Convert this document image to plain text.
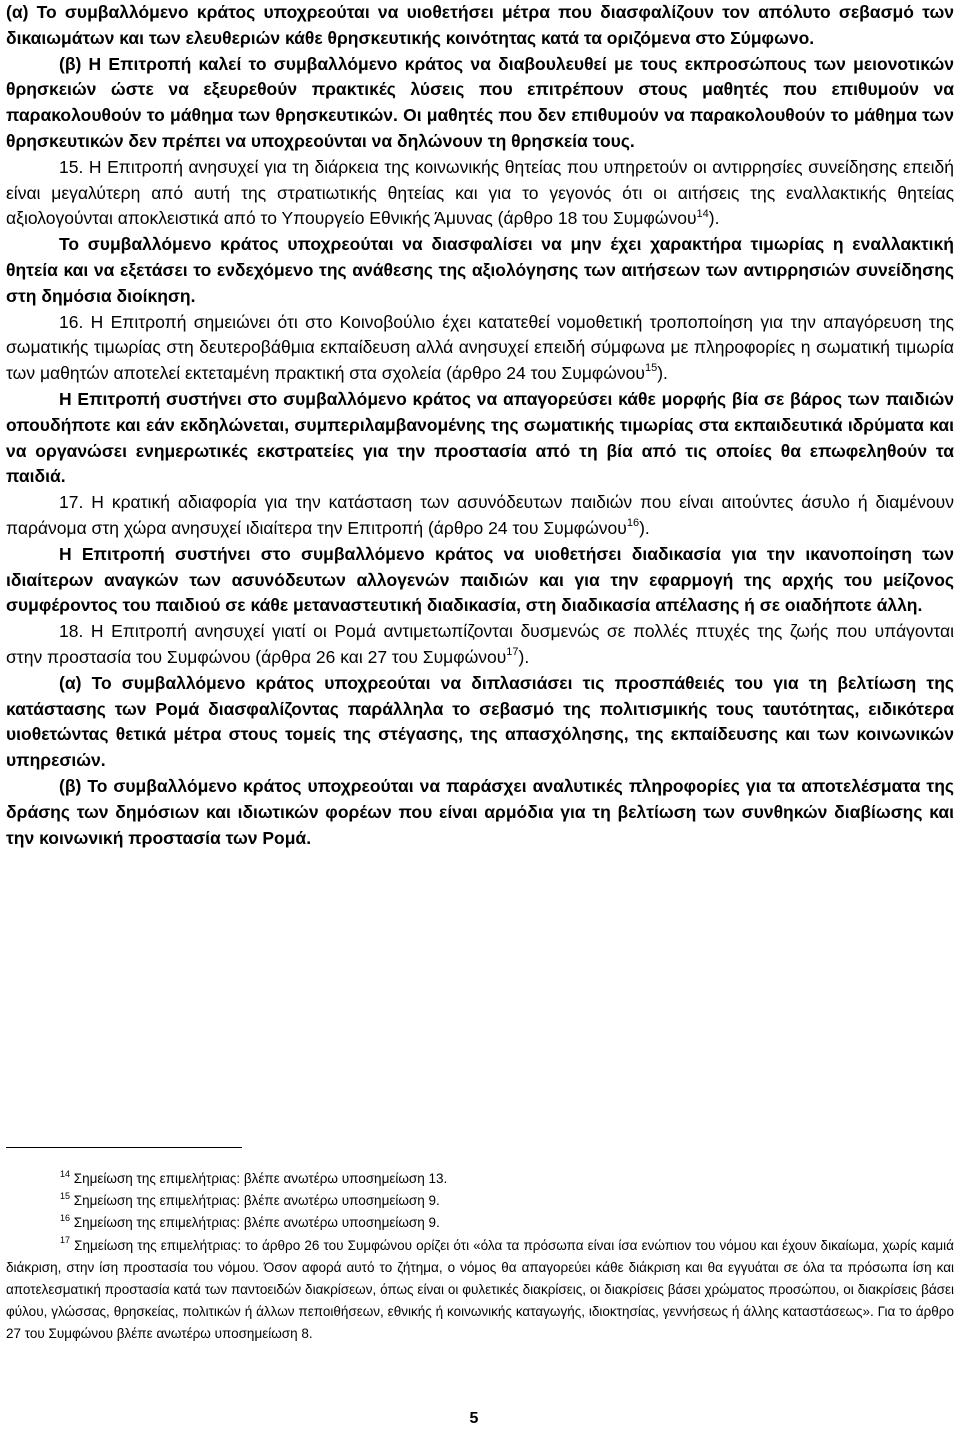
(α) Το συμβαλλόμενο κράτος υποχρεούται να υιοθετήσει μέτρα που διασφαλίζουν τον απόλυτο σεβασμό των δικαιωμάτων και των ελευθεριών κάθε θρησκευτικής κοινότητας κατά τα οριζόμενα στο Σύμφωνο.

(β) Η Επιτροπή καλεί το συμβαλλόμενο κράτος να διαβουλευθεί με τους εκπροσώπους των μειονοτικών θρησκειών ώστε να εξευρεθούν πρακτικές λύσεις που επιτρέπουν στους μαθητές που επιθυμούν να παρακολουθούν το μάθημα των θρησκευτικών. Οι μαθητές που δεν επιθυμούν να παρακολουθούν το μάθημα των θρησκευτικών δεν πρέπει να υποχρεούνται να δηλώνουν τη θρησκεία τους.

15. Η Επιτροπή ανησυχεί για τη διάρκεια της κοινωνικής θητείας που υπηρετούν οι αντιρρησίες συνείδησης επειδή είναι μεγαλύτερη από αυτή της στρατιωτικής θητείας και για το γεγονός ότι οι αιτήσεις της εναλλακτικής θητείας αξιολογούνται αποκλειστικά από το Υπουργείο Εθνικής Άμυνας (άρθρο 18 του Συμφώνου$^{14}$).

Το συμβαλλόμενο κράτος υποχρεούται να διασφαλίσει να μην έχει χαρακτήρα τιμωρίας η εναλλακτική θητεία και να εξετάσει το ενδεχόμενο της ανάθεσης της αξιολόγησης των αιτήσεων των αντιρρησιών συνείδησης στη δημόσια διοίκηση.

16. Η Επιτροπή σημειώνει ότι στο Κοινοβούλιο έχει κατατεθεί νομοθετική τροποποίηση για την απαγόρευση της σωματικής τιμωρίας στη δευτεροβάθμια εκπαίδευση αλλά ανησυχεί επειδή σύμφωνα με πληροφορίες η σωματική τιμωρία των μαθητών αποτελεί εκτεταμένη πρακτική στα σχολεία (άρθρο 24 του Συμφώνου$^{15}$).

Η Επιτροπή συστήνει στο συμβαλλόμενο κράτος να απαγορεύσει κάθε μορφής βία σε βάρος των παιδιών οπουδήποτε και εάν εκδηλώνεται, συμπεριλαμβανομένης της σωματικής τιμωρίας στα εκπαιδευτικά ιδρύματα και να οργανώσει ενημερωτικές εκστρατείες για την προστασία από τη βία από τις οποίες θα επωφεληθούν τα παιδιά.

17. Η κρατική αδιαφορία για την κατάσταση των ασυνόδευτων παιδιών που είναι αιτούντες άσυλο ή διαμένουν παράνομα στη χώρα ανησυχεί ιδιαίτερα την Επιτροπή (άρθρο 24 του Συμφώνου$^{16}$).

Η Επιτροπή συστήνει στο συμβαλλόμενο κράτος να υιοθετήσει διαδικασία για την ικανοποίηση των ιδιαίτερων αναγκών των ασυνόδευτων αλλογενών παιδιών και για την εφαρμογή της αρχής του μείζονος συμφέροντος του παιδιού σε κάθε μεταναστευτική διαδικασία, στη διαδικασία απέλασης ή σε οιαδήποτε άλλη.

18. Η Επιτροπή ανησυχεί γιατί οι Ρομά αντιμετωπίζονται δυσμενώς σε πολλές πτυχές της ζωής που υπάγονται στην προστασία του Συμφώνου (άρθρα 26 και 27 του Συμφώνου$^{17}$).

(α) Το συμβαλλόμενο κράτος υποχρεούται να διπλασιάσει τις προσπάθειές του για τη βελτίωση της κατάστασης των Ρομά διασφαλίζοντας παράλληλα το σεβασμό της πολιτισμικής τους ταυτότητας, ειδικότερα υιοθετώντας θετικά μέτρα στους τομείς της στέγασης, της απασχόλησης, της εκπαίδευσης και των κοινωνικών υπηρεσιών.

(β) Το συμβαλλόμενο κράτος υποχρεούται να παράσχει αναλυτικές πληροφορίες για τα αποτελέσματα της δράσης των δημόσιων και ιδιωτικών φορέων που είναι αρμόδια για τη βελτίωση των συνθηκών διαβίωσης και την κοινωνική προστασία των Ρομά.

$^{14}$ Σημείωση της επιμελήτριας: βλέπε ανωτέρω υποσημείωση 13.

$^{15}$ Σημείωση της επιμελήτριας: βλέπε ανωτέρω υποσημείωση 9.

$^{16}$ Σημείωση της επιμελήτριας: βλέπε ανωτέρω υποσημείωση 9.

$^{17}$ Σημείωση της επιμελήτριας: το άρθρο 26 του Συμφώνου ορίζει ότι «όλα τα πρόσωπα είναι ίσα ενώπιον του νόμου και έχουν δικαίωμα, χωρίς καμιά διάκριση, στην ίση προστασία του νόμου. Όσον αφορά αυτό το ζήτημα, ο νόμος θα απαγορεύει κάθε διάκριση και θα εγγυάται σε όλα τα πρόσωπα ίση και αποτελεσματική προστασία κατά των παντοειδών διακρίσεων, όπως είναι οι φυλετικές διακρίσεις, οι διακρίσεις βάσει χρώματος προσώπου, οι διακρίσεις βάσει φύλου, γλώσσας, θρησκείας, πολιτικών ή άλλων πεποιθήσεων, εθνικής ή κοινωνικής καταγωγής, ιδιοκτησίας, γεννήσεως ή άλλης καταστάσεως». Για το άρθρο 27 του Συμφώνου βλέπε ανωτέρω υποσημείωση 8.

5
